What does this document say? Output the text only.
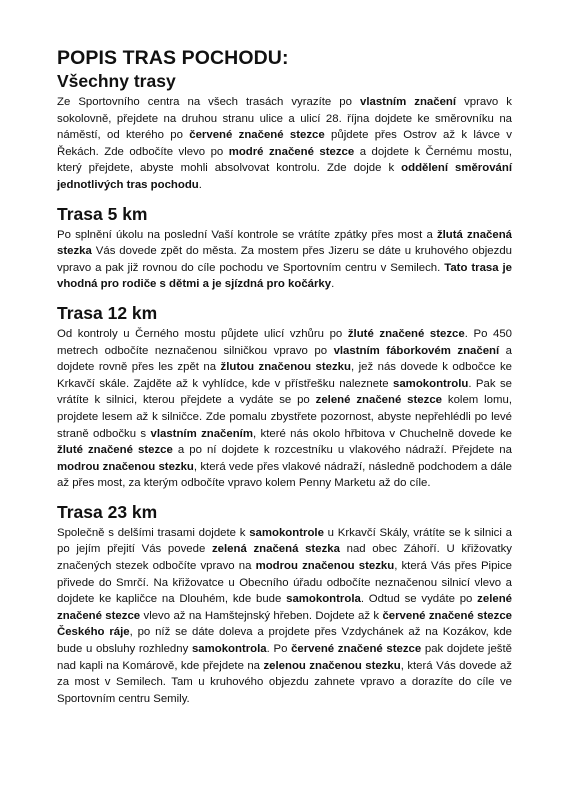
POPIS TRAS POCHODU:
Všechny trasy

Ze Sportovního centra na všech trasách vyrazíte po vlastním značení vpravo k sokolovně, přejdete na druhou stranu ulice a ulicí 28. října dojdete ke směrovníku na náměstí, od kterého po červené značené stezce půjdete přes Ostrov až k lávce v Řekách. Zde odbočíte vlevo po modré značené stezce a dojdete k Černému mostu, který přejdete, abyste mohli absolvovat kontrolu. Zde dojde k oddělení směrování jednotlivých tras pochodu.

Trasa 5 km

Po splnění úkolu na poslední Vaší kontrole se vrátíte zpátky přes most a žlutá značená stezka Vás dovede zpět do města. Za mostem přes Jizeru se dáte u kruhového objezdu vpravo a pak již rovnou do cíle pochodu ve Sportovním centru v Semilech. Tato trasa je vhodná pro rodiče s dětmi a je sjízdná pro kočárky.

Trasa 12 km

Od kontroly u Černého mostu půjdete ulicí vzhůru po žluté značené stezce. Po 450 metrech odbočíte neznačenou silničkou vpravo po vlastním fáborkovém značení a dojdete rovně přes les zpět na žlutou značenou stezku, jež nás dovede k odbočce ke Krkavčí skále. Zajděte až k vyhlídce, kde v přístřešku naleznete samokontrolu. Pak se vrátíte k silnici, kterou přejdete a vydáte se po zelené značené stezce kolem lomu, projdete lesem až k silničce. Zde pomalu zbystřete pozornost, abyste nepřehlédli po levé straně odbočku s vlastním značením, které nás okolo hřbitova v Chuchelně dovede ke žluté značené stezce a po ní dojdete k rozcestníku u vlakového nádraží. Přejdete na modrou značenou stezku, která vede přes vlakové nádraží, následně podchodem a dále až přes most, za kterým odbočíte vpravo kolem Penny Marketu až do cíle.

Trasa 23 km

Společně s delšími trasami dojdete k samokontrole u Krkavčí Skály, vrátíte se k silnici a po jejím přejití Vás povede zelená značená stezka nad obec Záhoří. U křižovatky značených stezek odbočíte vpravo na modrou značenou stezku, která Vás přes Pipice přivede do Smrčí. Na křižovatce u Obecního úřadu odbočíte neznačenou silnicí vlevo a dojdete ke kapličce na Dlouhém, kde bude samokontrola. Odtud se vydáte po zelené značené stezce vlevo až na Hamštejnský hřeben. Dojdete až k červené značené stezce Českého ráje, po níž se dáte doleva a projdete přes Vzdychánek až na Kozákov, kde bude u obsluhy rozhledny samokontrola. Po červené značené stezce pak dojdete ještě nad kapli na Komárově, kde přejdete na zelenou značenou stezku, která Vás dovede až za most v Semilech. Tam u kruhového objezdu zahnete vpravo a dorazíte do cíle ve Sportovním centru Semily.
